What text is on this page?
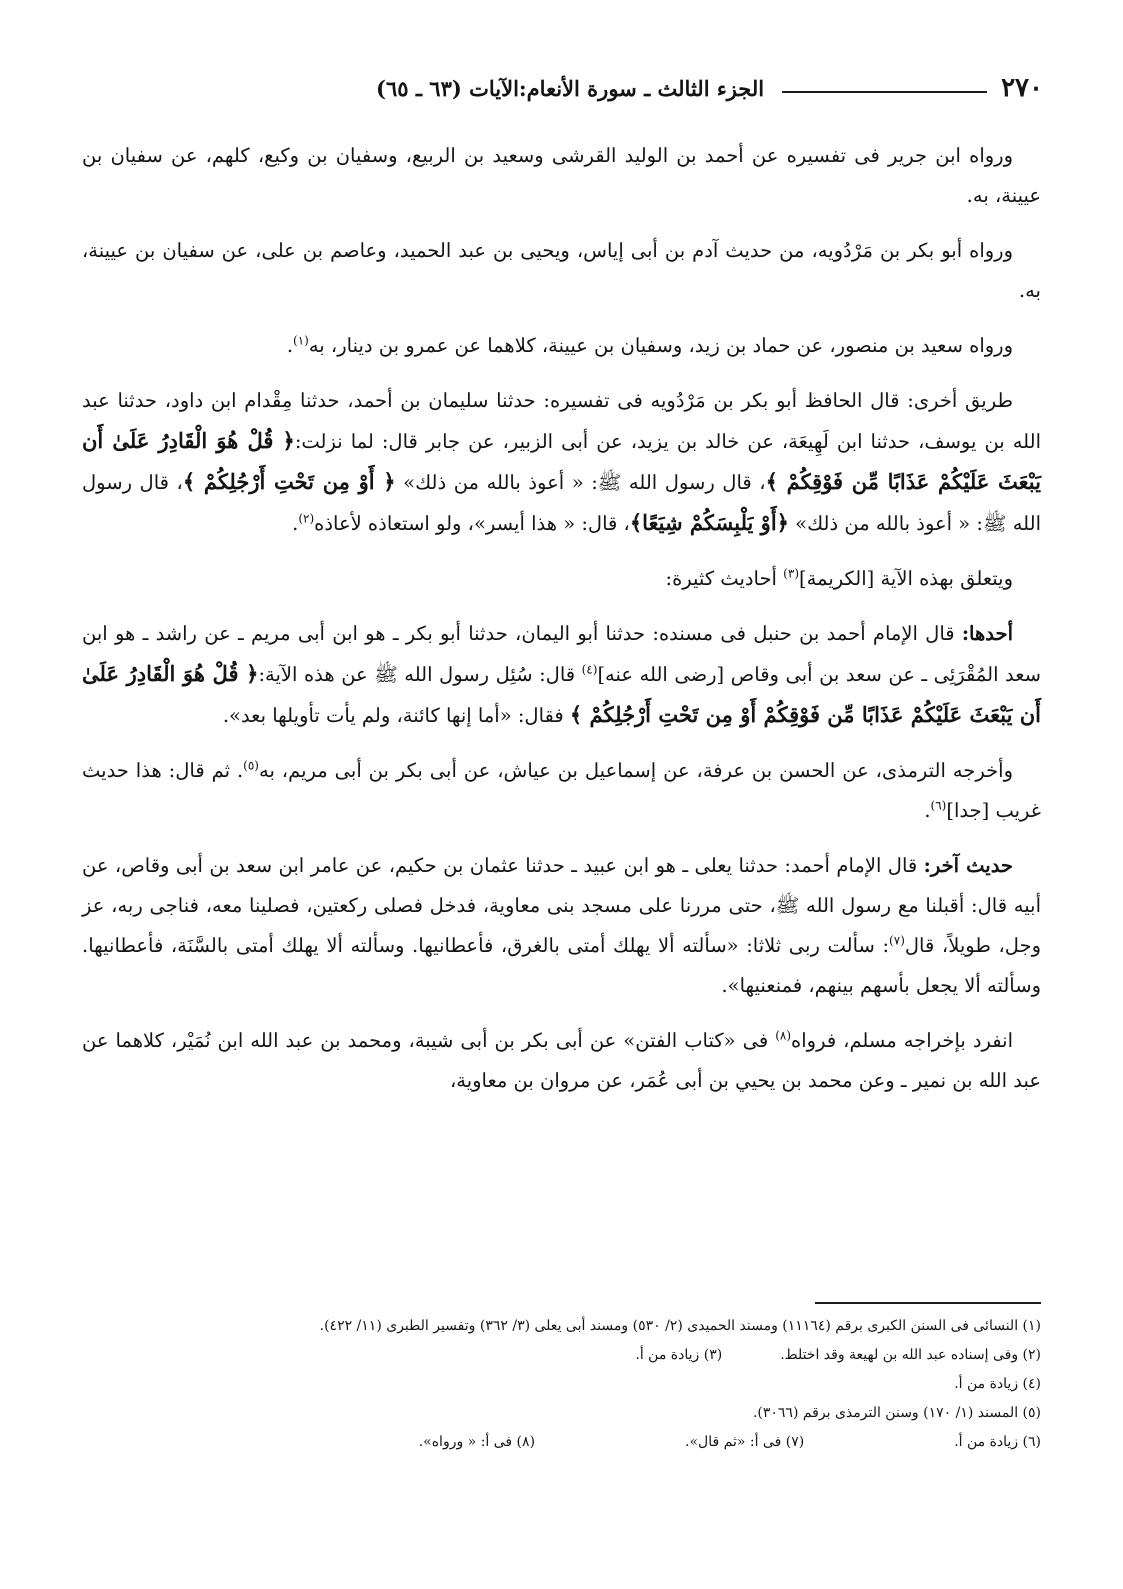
٢٧٠
الجزء الثالث ـ سورة الأنعام:الآيات (٦٣ ـ ٦٥)

ورواه ابن جرير فى تفسيره عن أحمد بن الوليد القرشى وسعيد بن الربيع، وسفيان بن وكيع، كلهم، عن سفيان بن عيينة، به.

ورواه أبو بكر بن مَرْدُويه، من حديث آدم بن أبى إياس، ويحيى بن عبد الحميد، وعاصم بن على، عن سفيان بن عيينة، به.

ورواه سعيد بن منصور، عن حماد بن زيد، وسفيان بن عيينة، كلاهما عن عمرو بن دينار، به$^{(١)}$.

طريق أخرى: قال الحافظ أبو بكر بن مَرْدُويه فى تفسيره: حدثنا سليمان بن أحمد، حدثنا مِقْدام ابن داود، حدثنا عبد الله بن يوسف، حدثنا ابن لَهِيعَة، عن خالد بن يزيد، عن أبى الزبير، عن جابر قال: لما نزلت:﴿ قُلْ هُوَ الْقَادِرُ عَلَىٰ أَن يَبْعَثَ عَلَيْكُمْ عَذَابًا مِّن فَوْقِكُمْ ﴾، قال رسول الله ﷺ: « أعوذ بالله من ذلك» ﴿ أَوْ مِن تَحْتِ أَرْجُلِكُمْ ﴾، قال رسول الله ﷺ: « أعوذ بالله من ذلك» ﴿أَوْ يَلْبِسَكُمْ شِيَعًا﴾، قال: « هذا أيسر»، ولو استعاذه لأعاذه$^{(٢)}$.

ويتعلق بهذه الآية [الكريمة]$^{(٣)}$ أحاديث كثيرة:

أحدها: قال الإمام أحمد بن حنبل فى مسنده: حدثنا أبو اليمان، حدثنا أبو بكر ـ هو ابن أبى مريم ـ عن راشد ـ هو ابن سعد المُقْرَئِى ـ عن سعد بن أبى وقاص [رضى الله عنه]$^{(٤)}$ قال: سُئِل رسول الله ﷺ عن هذه الآية:﴿ قُلْ هُوَ الْقَادِرُ عَلَىٰ أَن يَبْعَثَ عَلَيْكُمْ عَذَابًا مِّن فَوْقِكُمْ أَوْ مِن تَحْتِ أَرْجُلِكُمْ ﴾ فقال: «أما إنها كائنة، ولم يأت تأويلها بعد».

وأخرجه الترمذى، عن الحسن بن عرفة، عن إسماعيل بن عياش، عن أبى بكر بن أبى مريم، به$^{(٥)}$. ثم قال: هذا حديث غريب [جدا]$^{(٦)}$.

حديث آخر: قال الإمام أحمد: حدثنا يعلى ـ هو ابن عبيد ـ حدثنا عثمان بن حكيم، عن عامر ابن سعد بن أبى وقاص، عن أبيه قال: أقبلنا مع رسول الله ﷺ، حتى مررنا على مسجد بنى معاوية، فدخل فصلى ركعتين، فصلينا معه، فناجى ربه، عز وجل، طويلاً، قال$^{(٧)}$: سألت ربى ثلاثا: «سألته ألا يهلك أمتى بالغرق، فأعطانيها. وسألته ألا يهلك أمتى بالسَّنَة، فأعطانيها. وسألته ألا يجعل بأسهم بينهم، فمنعنيها».

انفرد بإخراجه مسلم، فرواه$^{(٨)}$ فى «كتاب الفتن» عن أبى بكر بن أبى شيبة، ومحمد بن عبد الله ابن نُمَيْر، كلاهما عن عبد الله بن نمير ـ وعن محمد بن يحيي بن أبى عُمَر، عن مروان بن معاوية،

(١) النسائى فى السنن الكبرى برقم (١١١٦٤) ومسند الحميدى (٢/ ٥٣٠) ومسند أبى يعلى (٣/ ٣٦٢) وتفسير الطبرى (١١/ ٤٢٢).
(٢) وفى إسناده عبد الله بن لهيعة وقد اختلط.
(٣) زيادة من أ.
(٤) زيادة من أ.
(٥) المسند (١/ ١٧٠) وسنن الترمذى برقم (٣٠٦٦).
(٦) زيادة من أ.
(٧) فى أ: «ثم قال».
(٨) فى أ: « ورواه».
